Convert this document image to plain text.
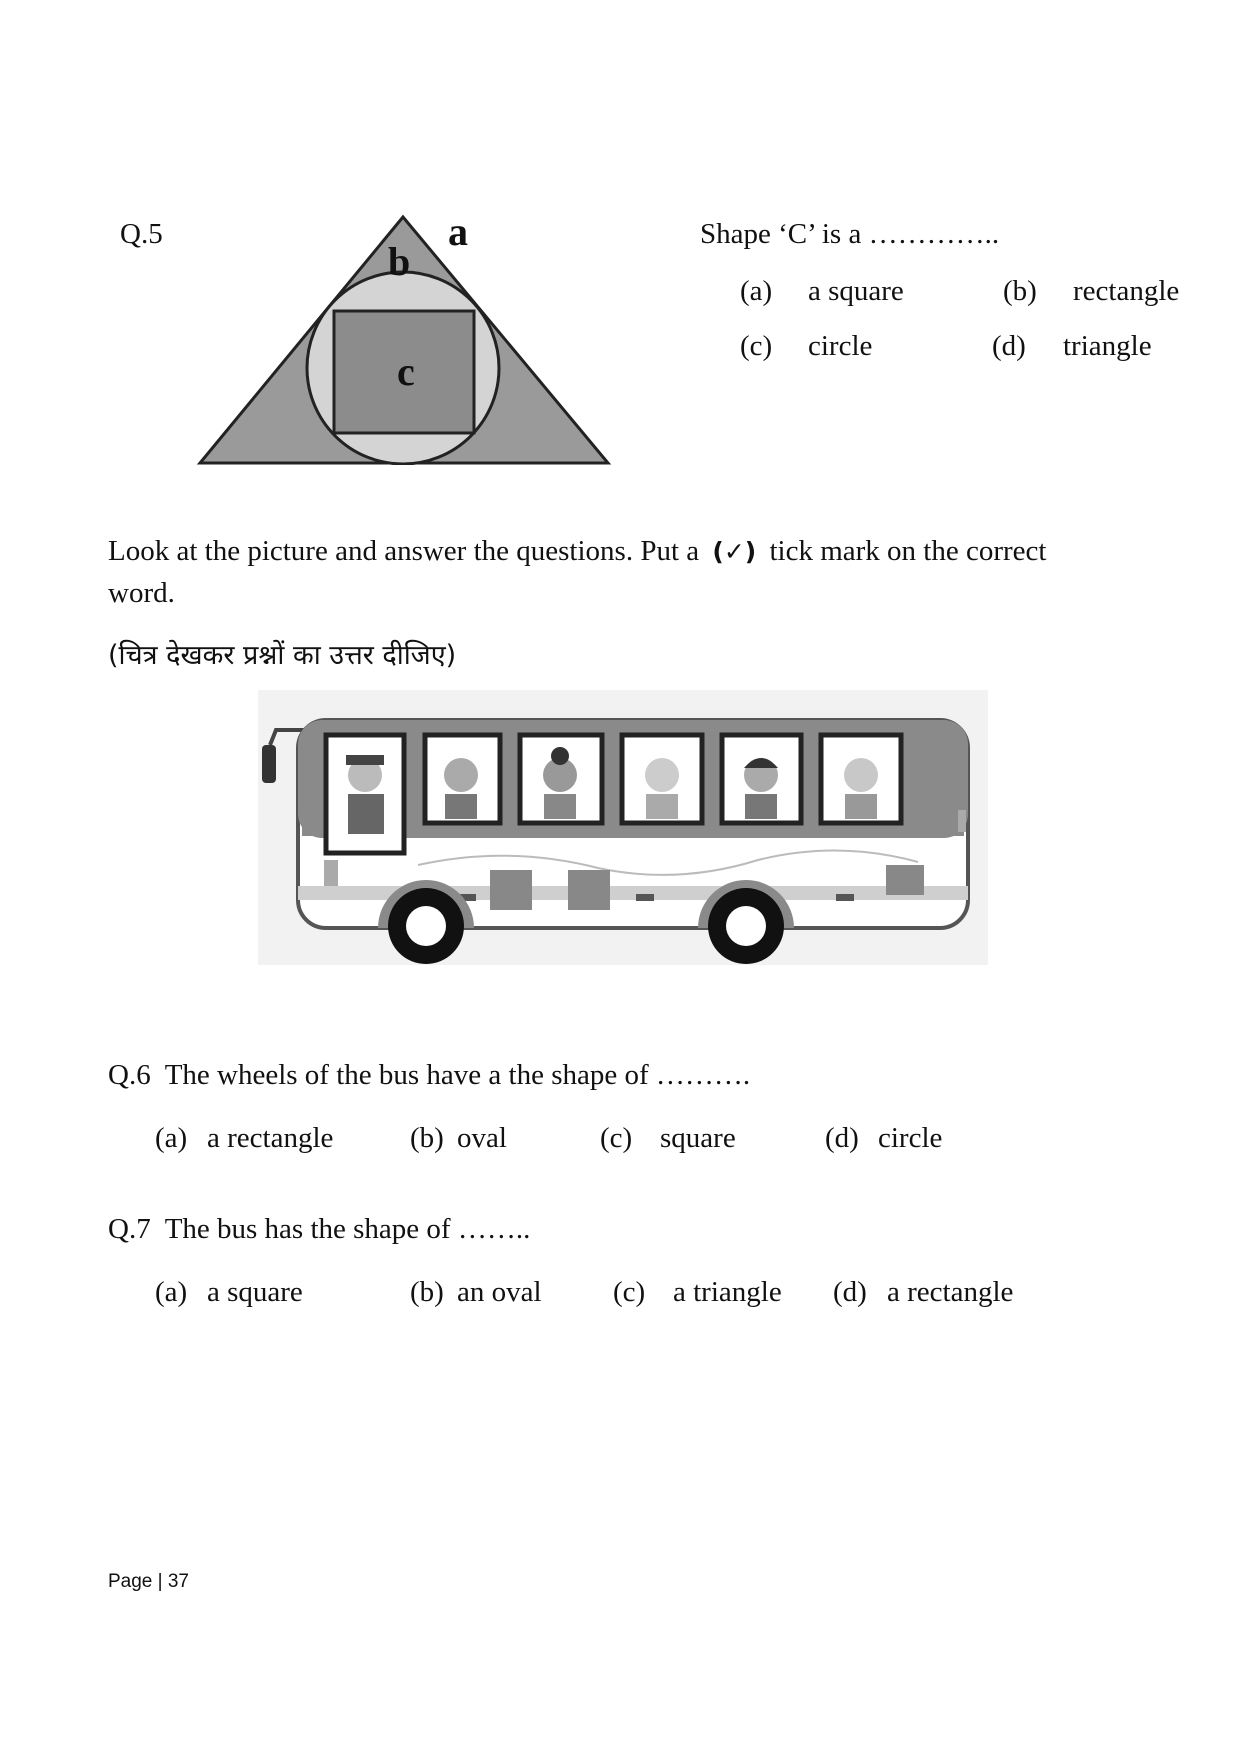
Q.5
b
a
c
Shape ‘C’ is a …………..
(a) a square	(b) rectangle
(c) circle	(d) triangle
Look at the picture and answer the questions. Put a (✓) tick mark on the correct
word.
(चित्र देखकर प्रश्नों का उत्तर दीजिए)
Q.6 The wheels of the bus have a the shape of ……….
(a) a rectangle	(b) oval	(c) square	(d) circle
Q.7 The bus has the shape of ……..
(a) a square	(b) an oval (c) a triangle (d) a rectangle
Page | 37
